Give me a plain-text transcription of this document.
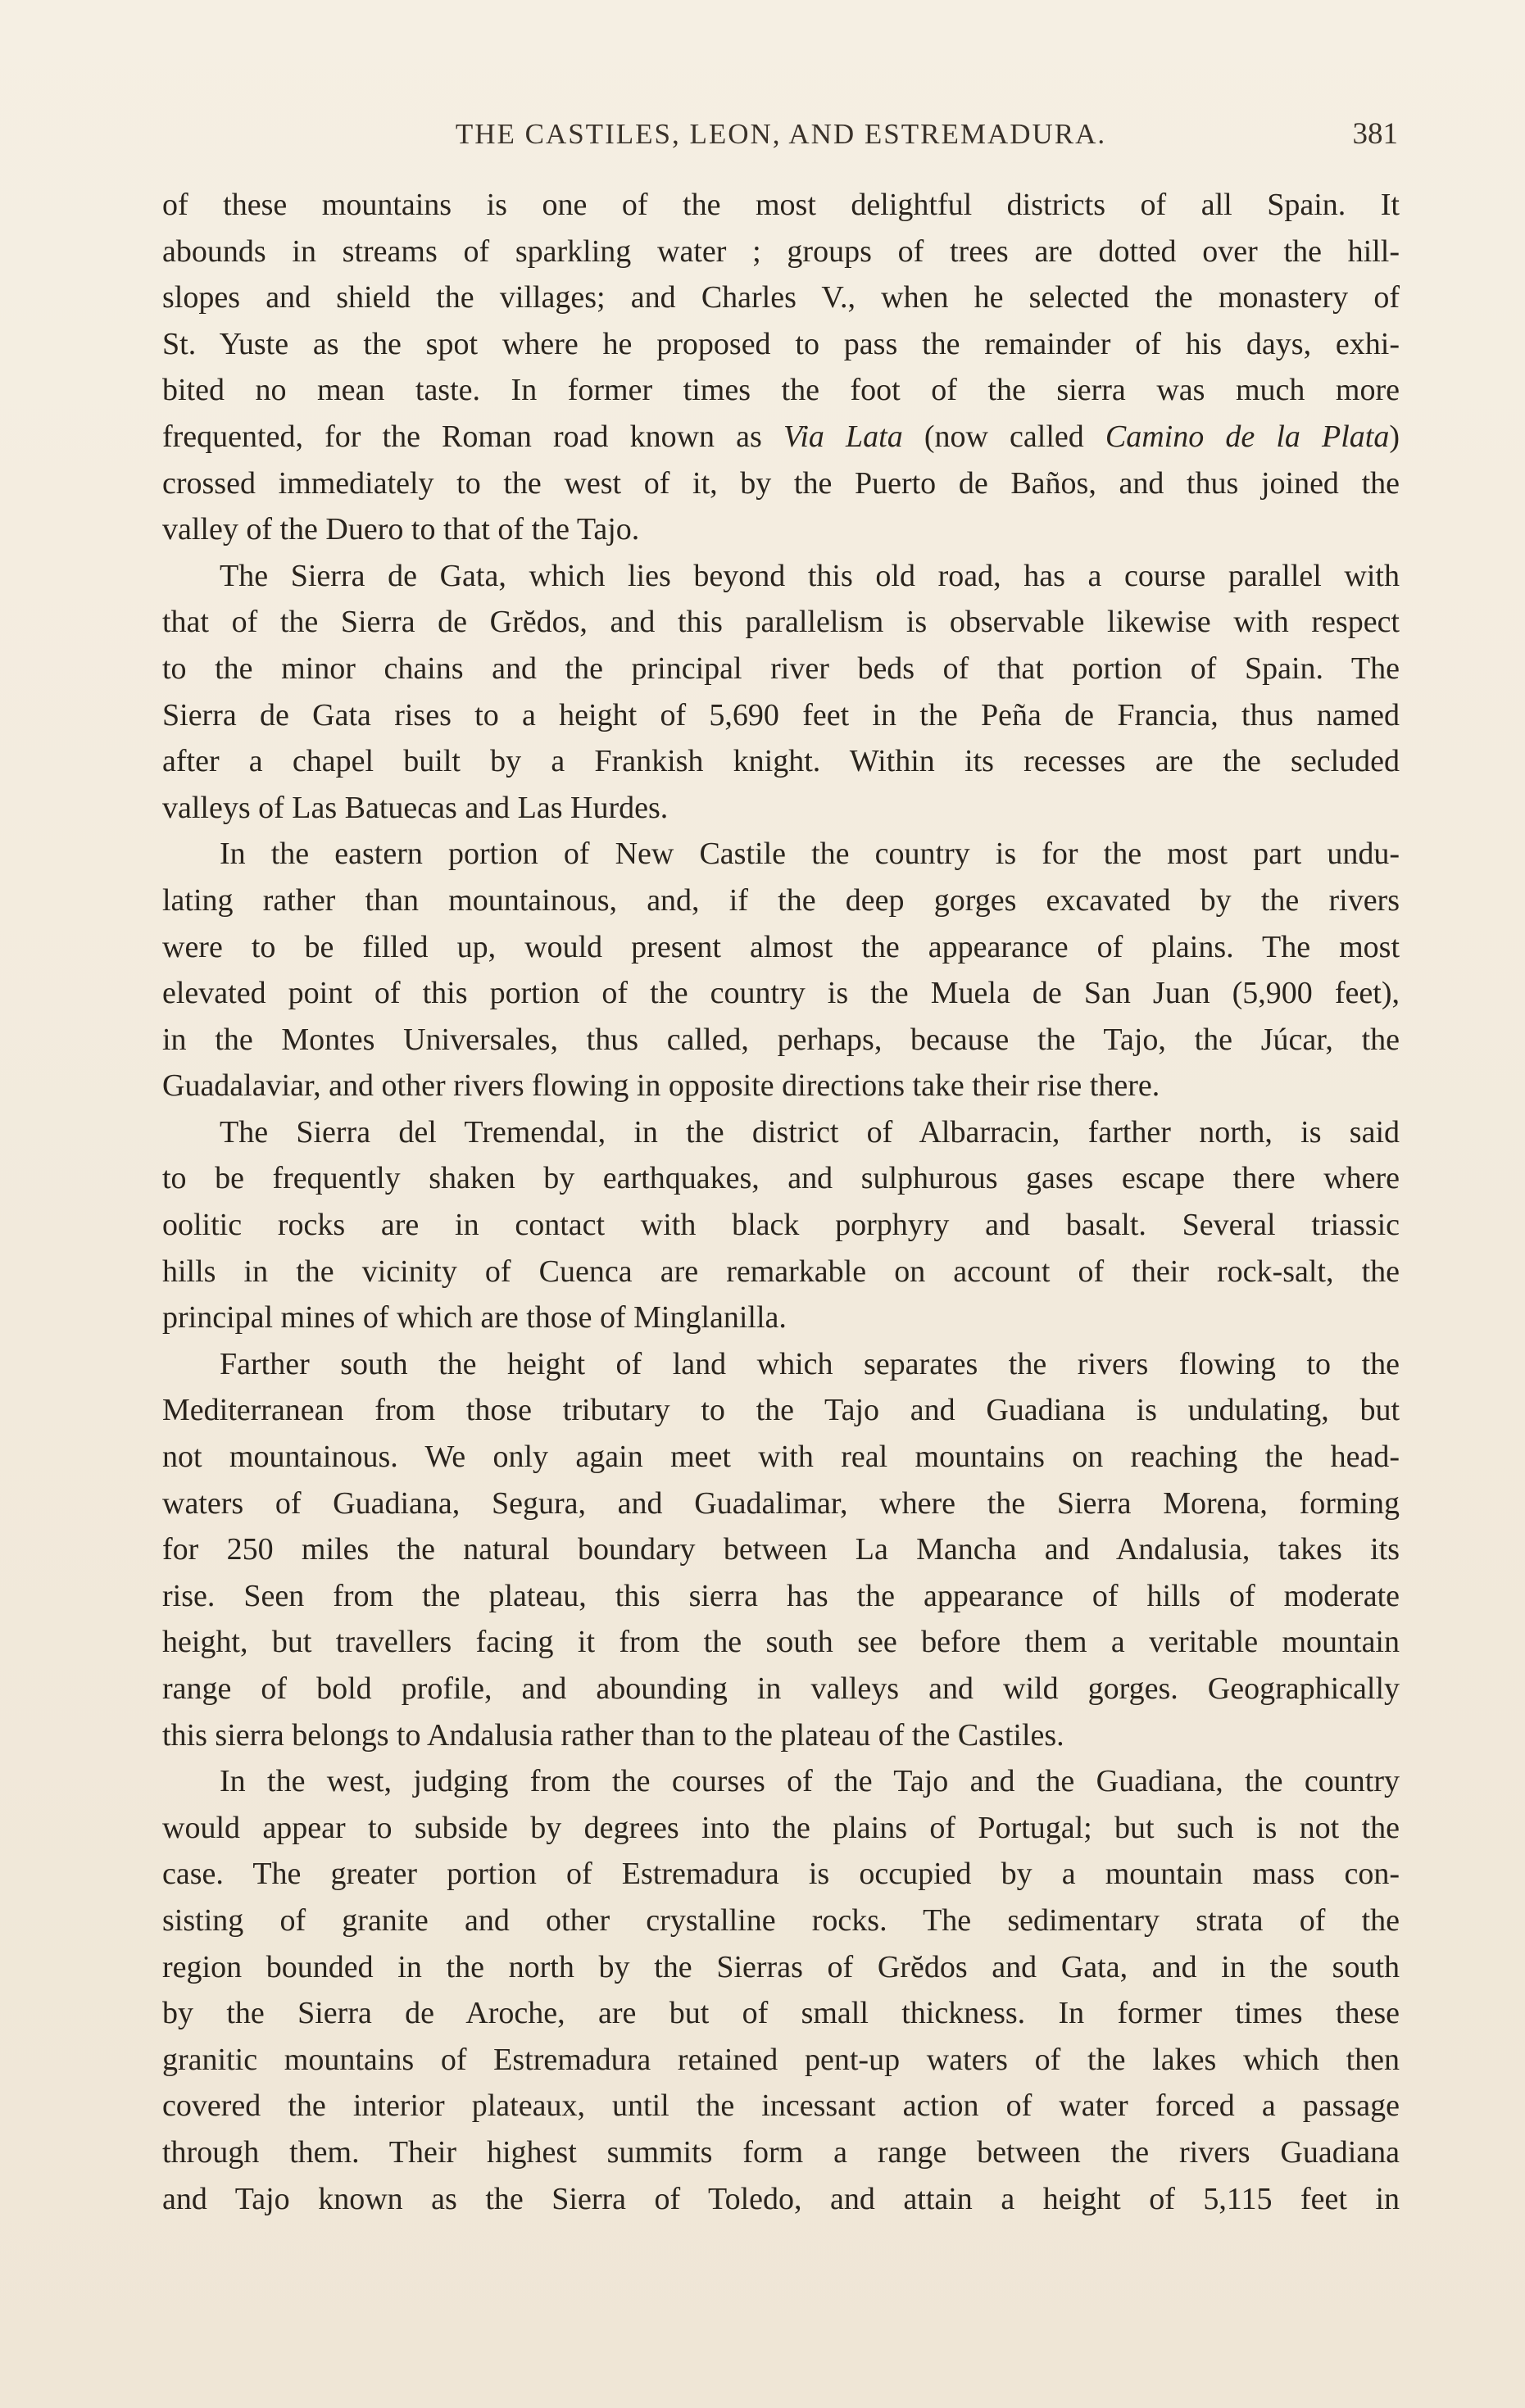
THE CASTILES, LEON, AND ESTREMADURA.	381
of these mountains is one of the most delightful districts of all Spain. It
abounds in streams of sparkling water ; groups of trees are dotted over the hill-
slopes and shield the villages; and Charles V., when he selected the monastery of
St. Yuste as the spot where he proposed to pass the remainder of his days, exhi-
bited no mean taste. In former times the foot of the sierra was much more
frequented, for the Roman road known as Via Lata (now called Camino de la Plata)
crossed immediately to the west of it, by the Puerto de Baños, and thus joined the
valley of the Duero to that of the Tajo.
The Sierra de Gata, which lies beyond this old road, has a course parallel with
that of the Sierra de Grĕdos, and this parallelism is observable likewise with respect
to the minor chains and the principal river beds of that portion of Spain. The
Sierra de Gata rises to a height of 5,690 feet in the Peña de Francia, thus named
after a chapel built by a Frankish knight. Within its recesses are the secluded
valleys of Las Batuecas and Las Hurdes.
In the eastern portion of New Castile the country is for the most part undu-
lating rather than mountainous, and, if the deep gorges excavated by the rivers
were to be filled up, would present almost the appearance of plains. The most
elevated point of this portion of the country is the Muela de San Juan (5,900 feet),
in the Montes Universales, thus called, perhaps, because the Tajo, the Júcar, the
Guadalaviar, and other rivers flowing in opposite directions take their rise there.
The Sierra del Tremendal, in the district of Albarracin, farther north, is said
to be frequently shaken by earthquakes, and sulphurous gases escape there where
oolitic rocks are in contact with black porphyry and basalt. Several triassic
hills in the vicinity of Cuenca are remarkable on account of their rock-salt, the
principal mines of which are those of Minglanilla.
Farther south the height of land which separates the rivers flowing to the
Mediterranean from those tributary to the Tajo and Guadiana is undulating, but
not mountainous. We only again meet with real mountains on reaching the head-
waters of Guadiana, Segura, and Guadalimar, where the Sierra Morena, forming
for 250 miles the natural boundary between La Mancha and Andalusia, takes its
rise. Seen from the plateau, this sierra has the appearance of hills of moderate
height, but travellers facing it from the south see before them a veritable mountain
range of bold profile, and abounding in valleys and wild gorges. Geographically
this sierra belongs to Andalusia rather than to the plateau of the Castiles.
In the west, judging from the courses of the Tajo and the Guadiana, the country
would appear to subside by degrees into the plains of Portugal; but such is not the
case. The greater portion of Estremadura is occupied by a mountain mass con-
sisting of granite and other crystalline rocks. The sedimentary strata of the
region bounded in the north by the Sierras of Grĕdos and Gata, and in the south
by the Sierra de Aroche, are but of small thickness. In former times these
granitic mountains of Estremadura retained pent-up waters of the lakes which then
covered the interior plateaux, until the incessant action of water forced a passage
through them. Their highest summits form a range between the rivers Guadiana
and Tajo known as the Sierra of Toledo, and attain a height of 5,115 feet in
